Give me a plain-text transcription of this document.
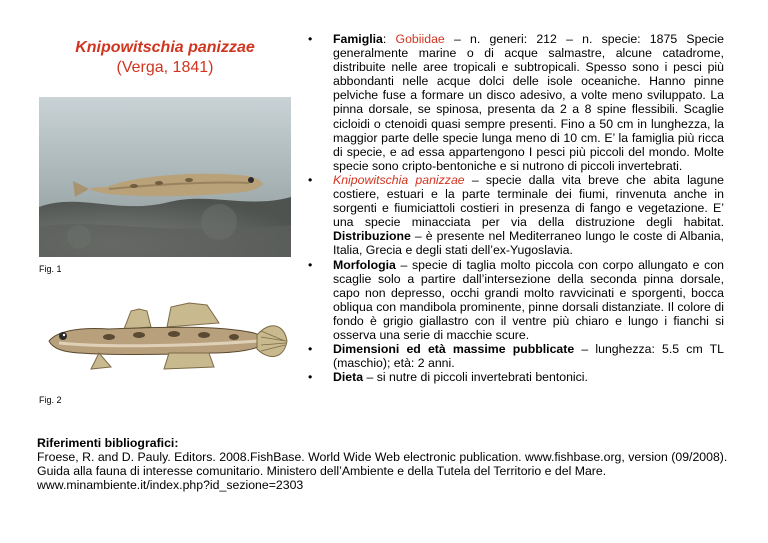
Knipowitschia panizzae
(Verga, 1841)
Fig. 1
Fig. 2
• Famiglia: Gobiidae – n. generi: 212 – n. specie: 1875 Specie generalmente marine o di acque salmastre, alcune catadrome, distribuite nelle aree tropicali e subtropicali. Spesso sono i pesci più abbondanti nelle acque dolci delle isole oceaniche. Hanno pinne pelviche fuse a formare un disco adesivo, a volte meno sviluppato. La pinna dorsale, se spinosa, presenta da 2 a 8 spine flessibili. Scaglie cicloidi o ctenoidi quasi sempre presenti. Fino a 50 cm in lunghezza, la maggior parte delle specie lunga meno di 10 cm. E’ la famiglia più ricca di specie, e ad essa appartengono I pesci più piccoli del mondo. Molte specie sono cripto-bentoniche e si nutrono di piccoli invertebrati.
• Knipowitschia panizzae – specie dalla vita breve che abita lagune costiere, estuari e la parte terminale dei fiumi, rinvenuta anche in sorgenti e fiumiciattoli costieri in presenza di fango e vegetazione. E’ una specie minacciata per via della distruzione degli habitat. Distribuzione – è presente nel Mediterraneo lungo le coste di Albania, Italia, Grecia e degli stati dell’ex-Yugoslavia.
• Morfologia – specie di taglia molto piccola con corpo allungato e con scaglie solo a partire dall’intersezione della seconda pinna dorsale, capo non depresso, occhi grandi molto ravvicinati e sporgenti, bocca obliqua con mandibola prominente, pinne dorsali distanziate. Il colore di fondo è grigio giallastro con il ventre più chiaro e lungo i fianchi si osserva una serie di macchie scure.
• Dimensioni ed età massime pubblicate – lunghezza: 5.5 cm TL (maschio); età: 2 anni.
• Dieta – si nutre di piccoli invertebrati bentonici.
Riferimenti bibliografici:
Froese, R. and D. Pauly. Editors. 2008.FishBase. World Wide Web electronic publication. www.fishbase.org, version (09/2008).
Guida alla fauna di interesse comunitario. Ministero dell’Ambiente e della Tutela del Territorio e del Mare. www.minambiente.it/index.php?id_sezione=2303
